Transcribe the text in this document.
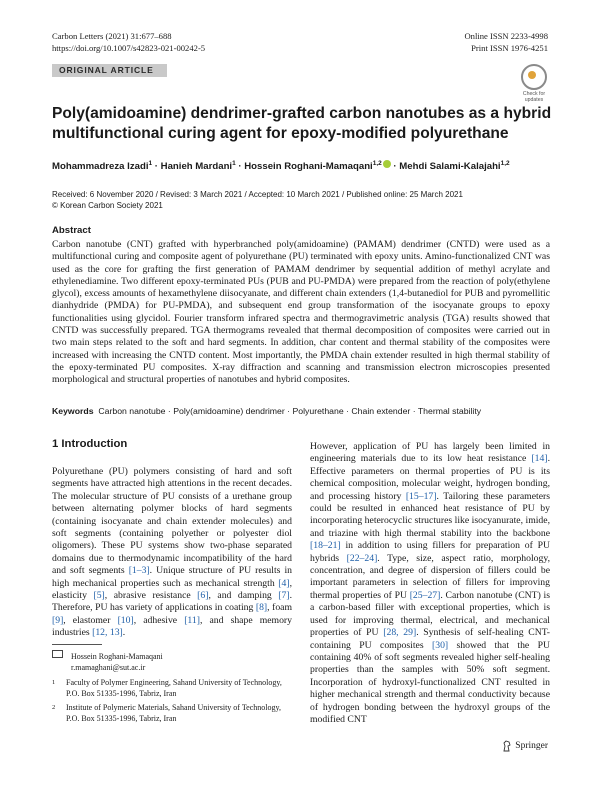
Carbon Letters (2021) 31:677–688
https://doi.org/10.1007/s42823-021-00242-5
Online ISSN 2233-4998
Print ISSN 1976-4251
ORIGINAL ARTICLE
Check for
updates
Poly(amidoamine) dendrimer-grafted carbon nanotubes as a hybrid multifunctional curing agent for epoxy-modified polyurethane
Mohammadreza Izadi$^1$ · Hanieh Mardani$^1$ · Hossein Roghani-Mamaqani$^{1,2}$ · Mehdi Salami-Kalajahi$^{1,2}$
Received: 6 November 2020 / Revised: 3 March 2021 / Accepted: 10 March 2021 / Published online: 25 March 2021
© Korean Carbon Society 2021
Abstract
Carbon nanotube (CNT) grafted with hyperbranched poly(amidoamine) (PAMAM) dendrimer (CNTD) were used as a multifunctional curing and composite agent of polyurethane (PU) terminated with epoxy units. Amino-functionalized CNT was used as the core for grafting the first generation of PAMAM dendrimer by sequential addition of methyl acrylate and ethylenediamine. Two different epoxy-terminated PUs (PUB and PU-PMDA) were prepared from the reaction of poly(ethylene glycol), excess amounts of hexamethylene diisocyanate, and different chain extenders (1,4-butanediol for PUB and pyromellitic dianhydride (PMDA) for PU-PMDA), and subsequent end group transformation of the isocyanate groups to epoxy functionalities using glycidol. Fourier transform infrared spectra and thermogravimetric analysis (TGA) results showed that CNTD was successfully prepared. TGA thermograms revealed that thermal decomposition of composites were carried out in two main steps related to the soft and hard segments. In addition, char content and thermal stability of the composites were increased with increasing the CNTD content. Most importantly, the PMDA chain extender resulted in high thermal stability of the epoxy-terminated PU composites. X-ray diffraction and scanning and transmission electron microscopies presented morphological and structural properties of nanotubes and hybrid composites.
Keywords Carbon nanotube · Poly(amidoamine) dendrimer · Polyurethane · Chain extender · Thermal stability
1 Introduction
Polyurethane (PU) polymers consisting of hard and soft segments have attracted high attentions in the recent decades. The molecular structure of PU consists of a urethane group between alternating polymer blocks of hard segments (containing isocyanate and chain extender molecules) and soft segments (containing polyether or polyester diol oligomers). These PU systems show two-phase separated domains due to thermodynamic incompatibility of the hard and soft segments [1–3]. Unique structure of PU results in high mechanical properties such as mechanical strength [4], elasticity [5], abrasive resistance [6], and damping [7]. Therefore, PU has variety of applications in coating [8], foam [9], elastomer [10], adhesive [11], and shape memory industries [12, 13].
However, application of PU has largely been limited in engineering materials due to its low heat resistance [14]. Effective parameters on thermal properties of PU is its chemical composition, molecular weight, hydrogen bonding, and processing history [15–17]. Tailoring these parameters could be resulted in enhanced heat resistance of PU by incorporating heterocyclic structures like isocyanurate, imide, and triazine with high thermal stability into the backbone [18–21] in addition to using fillers for preparation of PU hybrids [22–24]. Type, size, aspect ratio, morphology, concentration, and degree of dispersion of fillers could be important parameters in selection of fillers for improving thermal properties of PU [25–27]. Carbon nanotube (CNT) is a carbon-based filler with exceptional properties, which is used for improving thermal, electrical, and mechanical properties of PU [28, 29]. Synthesis of self-healing CNT-containing PU composites [30] showed that the PU containing 40% of soft segments revealed higher self-healing properties than the samples with 50% soft segment. Incorporation of hydroxyl-functionalized CNT resulted in higher mechanical strength and thermal conductivity because of hydrogen bonding between the hydroxyl groups of the modified CNT
Hossein Roghani-Mamaqani
r.mamaghani@sut.ac.ir
1 Faculty of Polymer Engineering, Sahand University of Technology, P.O. Box 51335-1996, Tabriz, Iran
2 Institute of Polymeric Materials, Sahand University of Technology, P.O. Box 51335-1996, Tabriz, Iran
Springer
